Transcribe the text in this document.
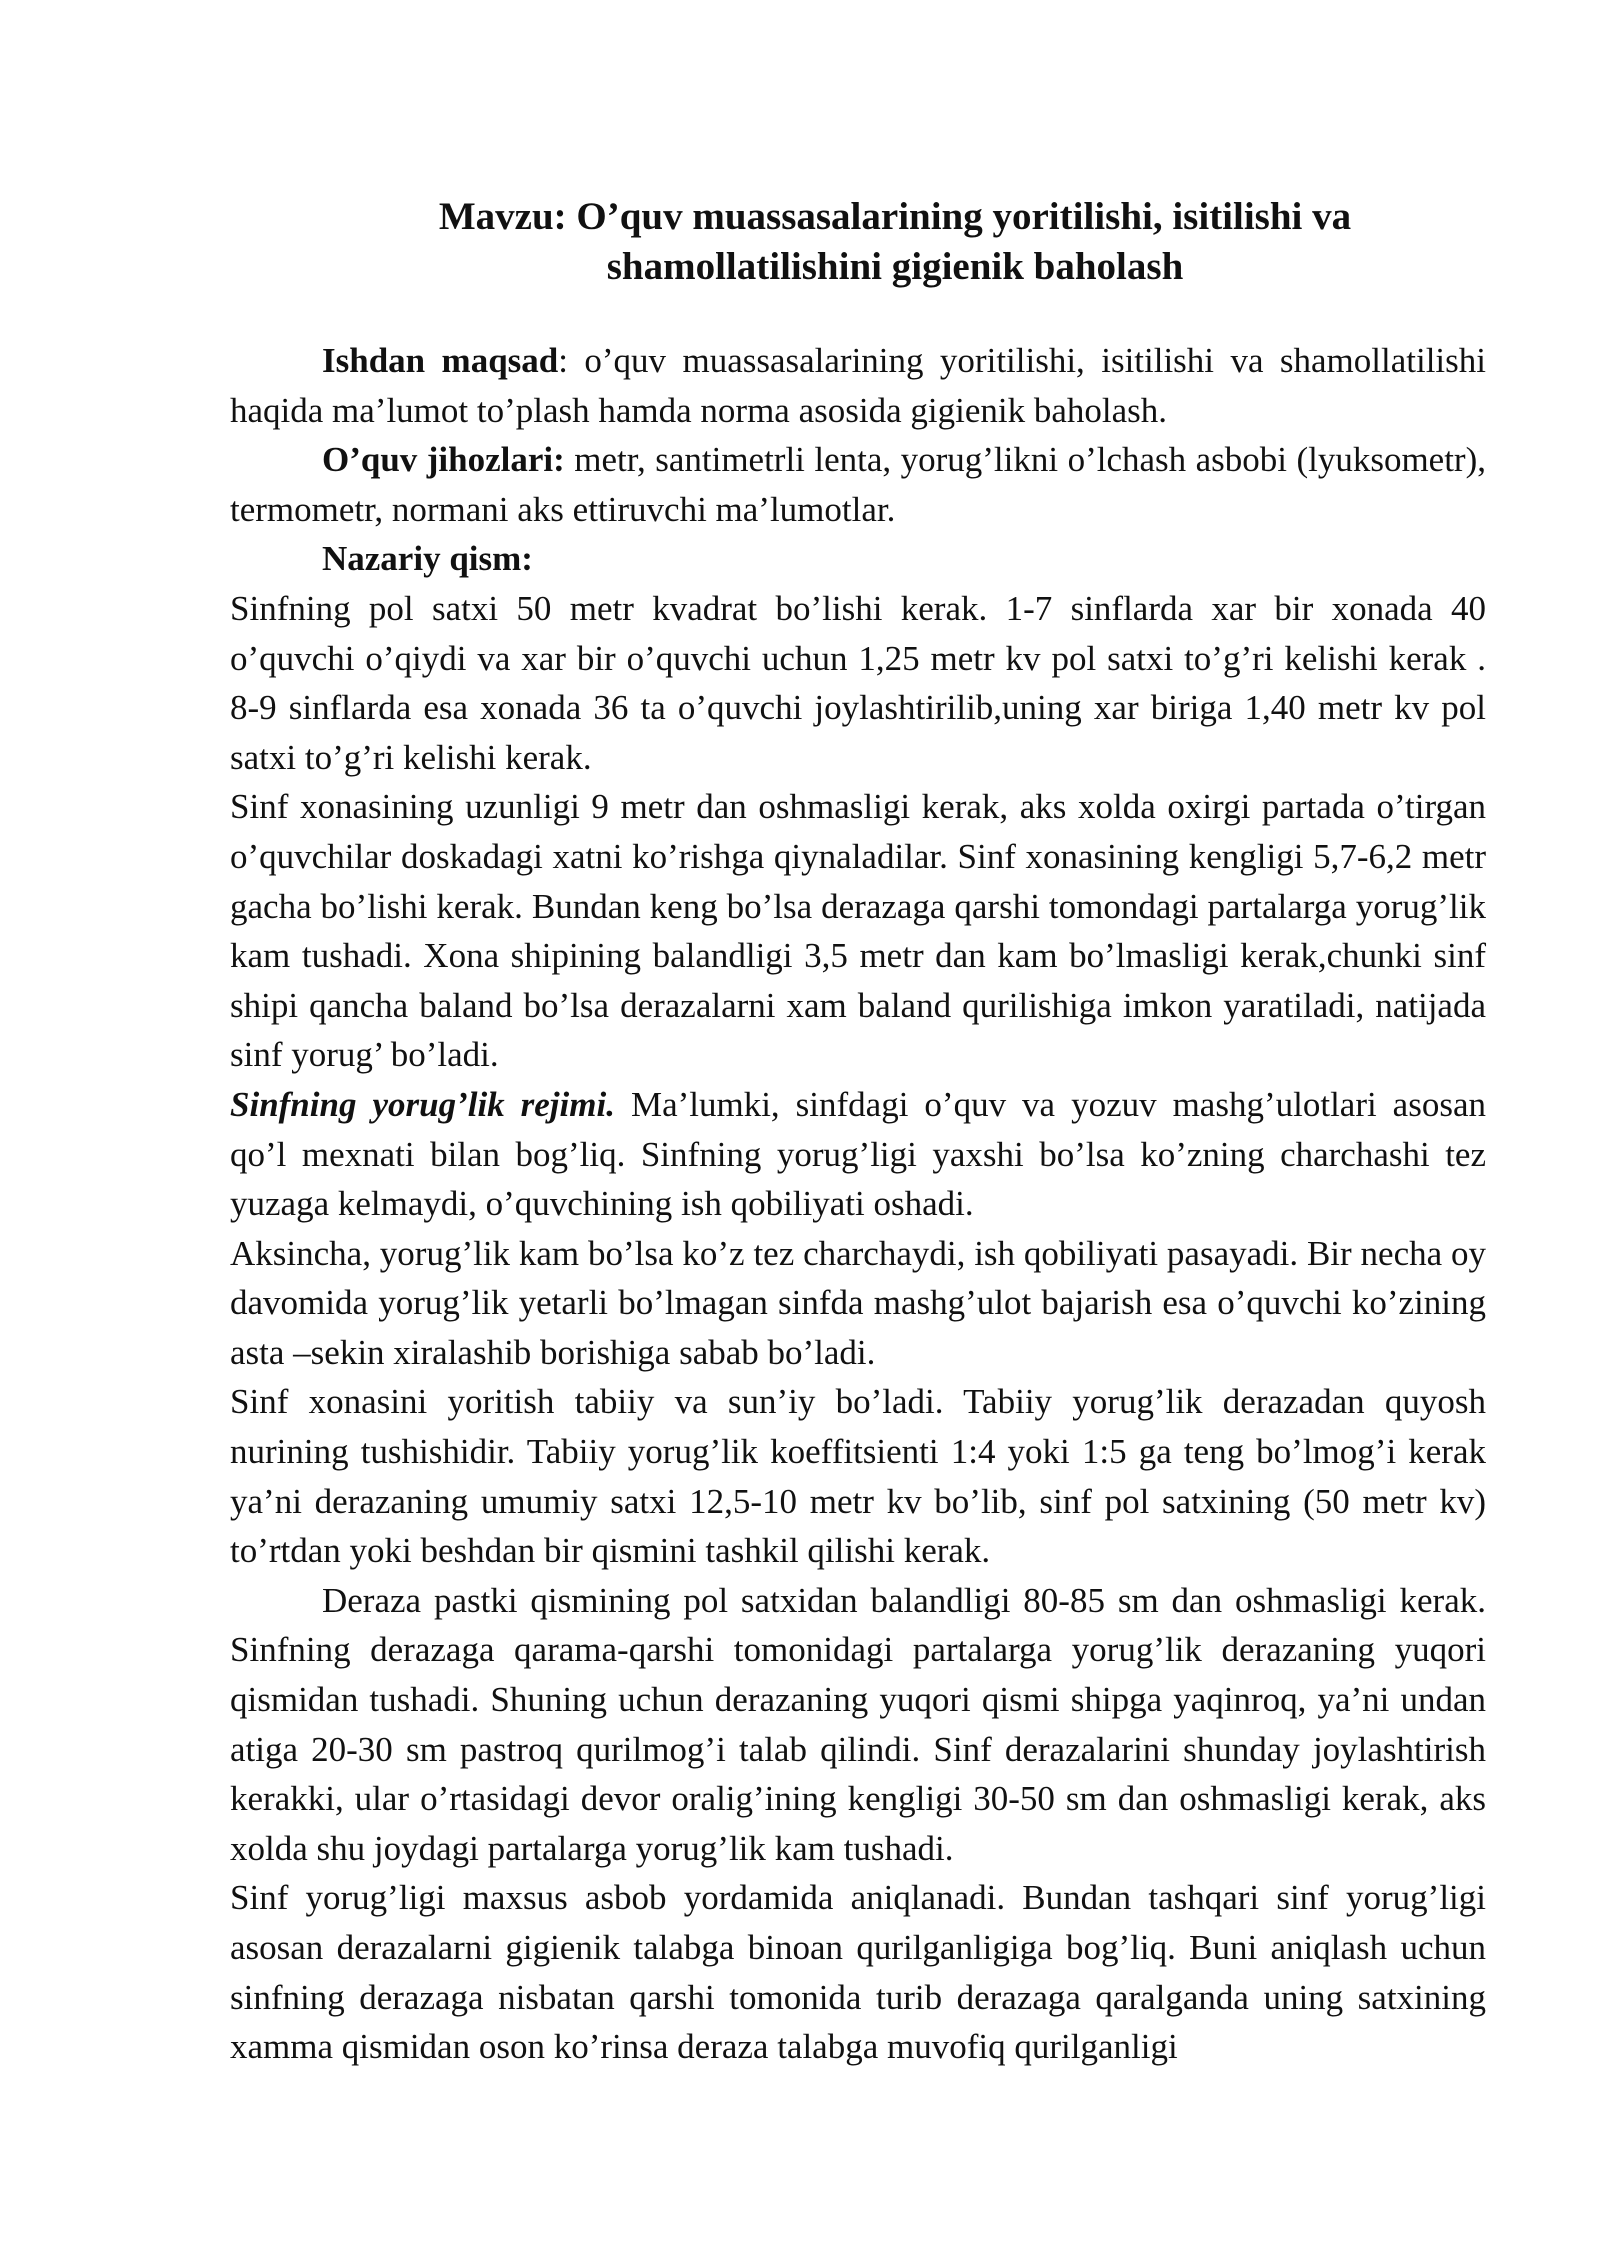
Mavzu: O’quv muassasalarining yoritilishi, isitilishi va
shamollatilishini gigienik baholash

Ishdan maqsad: o’quv muassasalarining yoritilishi, isitilishi va shamollatilishi haqida ma’lumot to’plash hamda norma asosida gigienik baholash.

O’quv jihozlari: metr, santimetrli lenta, yorug’likni o’lchash asbobi (lyuksometr), termometr, normani aks ettiruvchi ma’lumotlar.

Nazariy qism:

Sinfning pol satxi 50 metr kvadrat bo’lishi kerak. 1-7 sinflarda xar bir xonada 40 o’quvchi o’qiydi va xar bir o’quvchi uchun 1,25 metr kv pol satxi to’g’ri kelishi kerak . 8-9 sinflarda esa xonada 36 ta o’quvchi joylashtirilib,uning xar biriga 1,40 metr kv pol satxi to’g’ri kelishi kerak.

Sinf xonasining uzunligi 9 metr dan oshmasligi kerak, aks xolda oxirgi partada o’tirgan o’quvchilar doskadagi xatni ko’rishga qiynaladilar. Sinf xonasining kengligi 5,7-6,2 metr gacha bo’lishi kerak. Bundan keng bo’lsa derazaga qarshi tomondagi partalarga yorug’lik kam tushadi. Xona shipining balandligi 3,5 metr dan kam bo’lmasligi kerak,chunki sinf shipi qancha baland bo’lsa derazalarni xam baland qurilishiga imkon yaratiladi, natijada sinf yorug’ bo’ladi.

Sinfning yorug’lik rejimi. Ma’lumki, sinfdagi o’quv va yozuv mashg’ulotlari asosan qo’l mexnati bilan bog’liq. Sinfning yorug’ligi yaxshi bo’lsa ko’zning charchashi tez yuzaga kelmaydi, o’quvchining ish qobiliyati oshadi.

Aksincha, yorug’lik kam bo’lsa ko’z tez charchaydi, ish qobiliyati pasayadi. Bir necha oy davomida yorug’lik yetarli bo’lmagan sinfda mashg’ulot bajarish esa o’quvchi ko’zining asta –sekin xiralashib borishiga sabab bo’ladi.

Sinf xonasini yoritish tabiiy va sun’iy bo’ladi. Tabiiy yorug’lik derazadan quyosh nurining tushishidir. Tabiiy yorug’lik koeffitsienti 1:4 yoki 1:5 ga teng bo’lmog’i kerak ya’ni derazaning umumiy satxi 12,5-10 metr kv bo’lib, sinf pol satxining (50 metr kv) to’rtdan yoki beshdan bir qismini tashkil qilishi kerak.

Deraza pastki qismining pol satxidan balandligi 80-85 sm dan oshmasligi kerak. Sinfning derazaga qarama-qarshi tomonidagi partalarga yorug’lik derazaning yuqori qismidan tushadi. Shuning uchun derazaning yuqori qismi shipga yaqinroq, ya’ni undan atiga 20-30 sm pastroq qurilmog’i talab qilindi. Sinf derazalarini shunday joylashtirish kerakki, ular o’rtasidagi devor oralig’ining kengligi 30-50 sm dan oshmasligi kerak, aks xolda shu joydagi partalarga yorug’lik kam tushadi.

Sinf yorug’ligi maxsus asbob yordamida aniqlanadi. Bundan tashqari sinf yorug’ligi asosan derazalarni gigienik talabga binoan qurilganligiga bog’liq. Buni aniqlash uchun sinfning derazaga nisbatan qarshi tomonida turib derazaga qaralganda uning satxining xamma qismidan oson ko’rinsa deraza talabga muvofiq qurilganligi
